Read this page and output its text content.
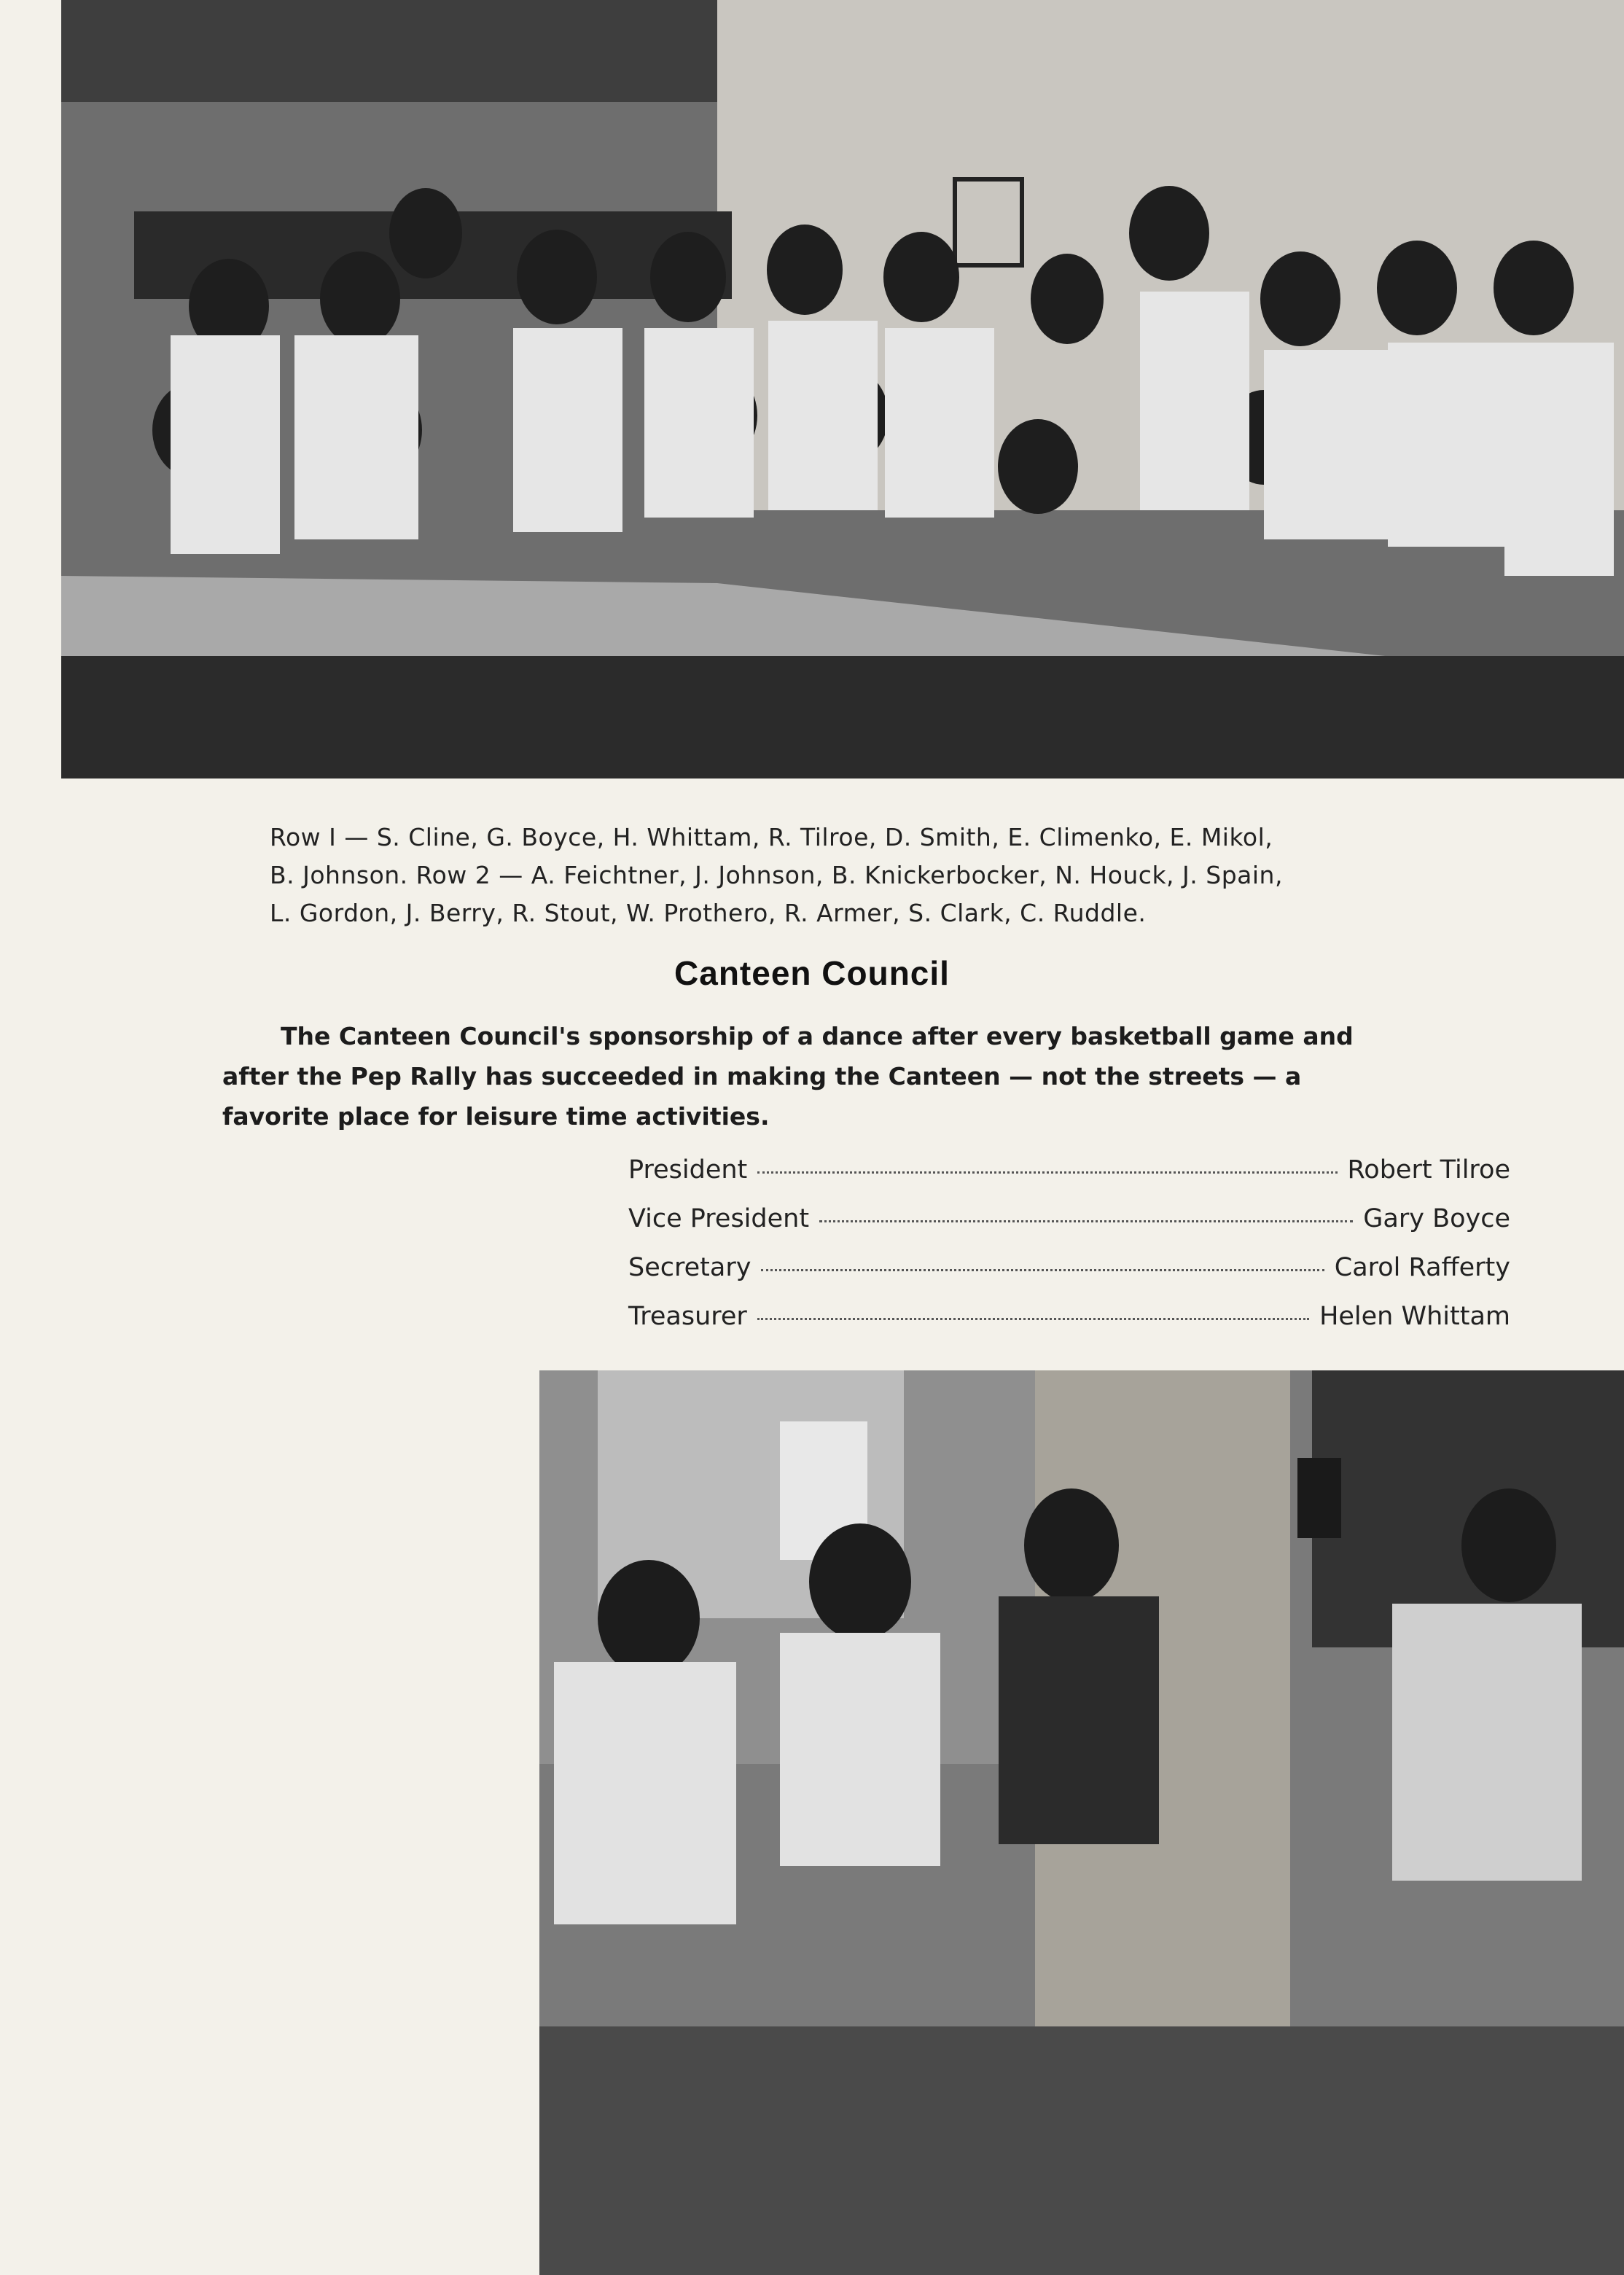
Row I — S. Cline, G. Boyce, H. Whittam, R. Tilroe, D. Smith, E. Climenko, E. Mikol,
B. Johnson. Row 2 — A. Feichtner, J. Johnson, B. Knickerbocker, N. Houck, J. Spain,
L. Gordon, J. Berry, R. Stout, W. Prothero, R. Armer, S. Clark, C. Ruddle.
Canteen Council
The Canteen Council's sponsorship of a dance after every basketball game and
after the Pep Rally has succeeded in making the Canteen — not the streets — a
favorite place for leisure time activities.
President	Robert Tilroe
Vice President	Gary Boyce
Secretary	Carol Rafferty
Treasurer	Helen Whittam
